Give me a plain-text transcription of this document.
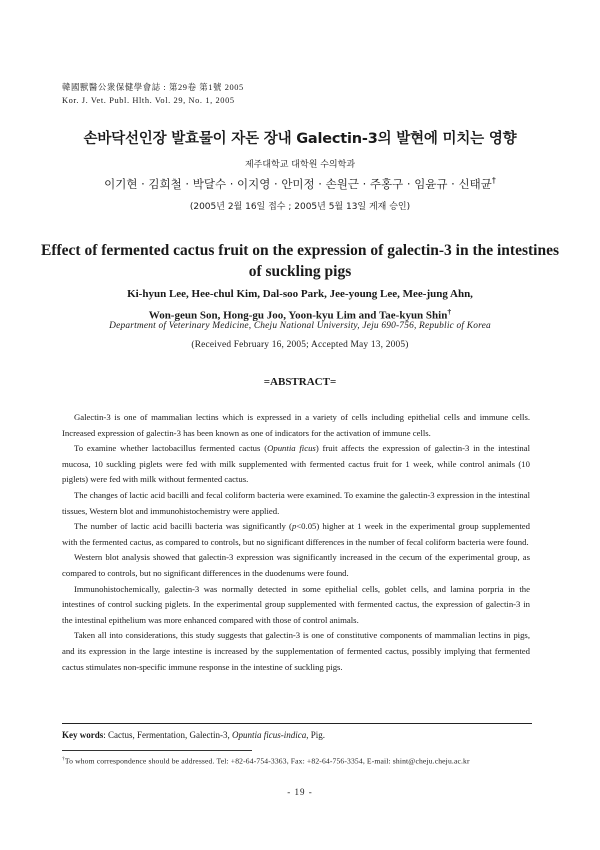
韓國獸醫公衆保健學會誌 : 第29卷 第1號 2005
Kor. J. Vet. Publ. Hlth. Vol. 29, No. 1, 2005
손바닥선인장 발효물이 자돈 장내 Galectin-3의 발현에 미치는 영향
제주대학교 대학원 수의학과
이기현 · 김희철 · 박달수 · 이지영 · 안미정 · 손원근 · 주홍구 · 임윤규 · 신태균†
(2005년 2월 16일 접수 ; 2005년 5월 13일 게재 승인)
Effect of fermented cactus fruit on the expression of galectin-3 in the intestines of suckling pigs
Ki-hyun Lee, Hee-chul Kim, Dal-soo Park, Jee-young Lee, Mee-jung Ahn,
Won-geun Son, Hong-gu Joo, Yoon-kyu Lim and Tae-kyun Shin†
Department of Veterinary Medicine, Cheju National University, Jeju 690-756, Republic of Korea
(Received February 16, 2005; Accepted May 13, 2005)
=ABSTRACT=

Galectin-3 is one of mammalian lectins which is expressed in a variety of cells including epithelial cells and immune cells. Increased expression of galectin-3 has been known as one of indicators for the activation of immune cells.

To examine whether lactobacillus fermented cactus (Opuntia ficus) fruit affects the expression of galectin-3 in the intestinal mucosa, 10 suckling piglets were fed with milk supplemented with fermented cactus fruit for 1 week, while control animals (10 piglets) were fed with milk without fermented cactus.

The changes of lactic acid bacilli and fecal coliform bacteria were examined. To examine the galectin-3 expression in the intestinal tissues, Western blot and immunohistochemistry were applied.

The number of lactic acid bacilli bacteria was significantly (p<0.05) higher at 1 week in the experimental group supplemented with the fermented cactus, as compared to controls, but no significant differences in the number of fecal coliform bacteria were found.

Western blot analysis showed that galectin-3 expression was significantly increased in the cecum of the experimental group, as compared to controls, but no significant differences in the duodenums were found.

Immunohistochemically, galectin-3 was normally detected in some epithelial cells, goblet cells, and lamina porpria in the intestines of control sucking piglets. In the experimental group supplemented with fermented cactus, the expression of galectin-3 in the intestinal epithelium was more enhanced compared with those of control animals.

Taken all into considerations, this study suggests that galectin-3 is one of constitutive components of mammalian lectins in pigs, and its expression in the large intestine is increased by the supplementation of fermented cactus, possibly implying that fermented cactus stimulates non-specific immune response in the intestine of suckling pigs.

Key words: Cactus, Fermentation, Galectin-3, Opuntia ficus-indica, Pig.
†To whom correspondence should be addressed. Tel: +82-64-754-3363, Fax: +82-64-756-3354, E-mail: shint@cheju.cheju.ac.kr
- 19 -
